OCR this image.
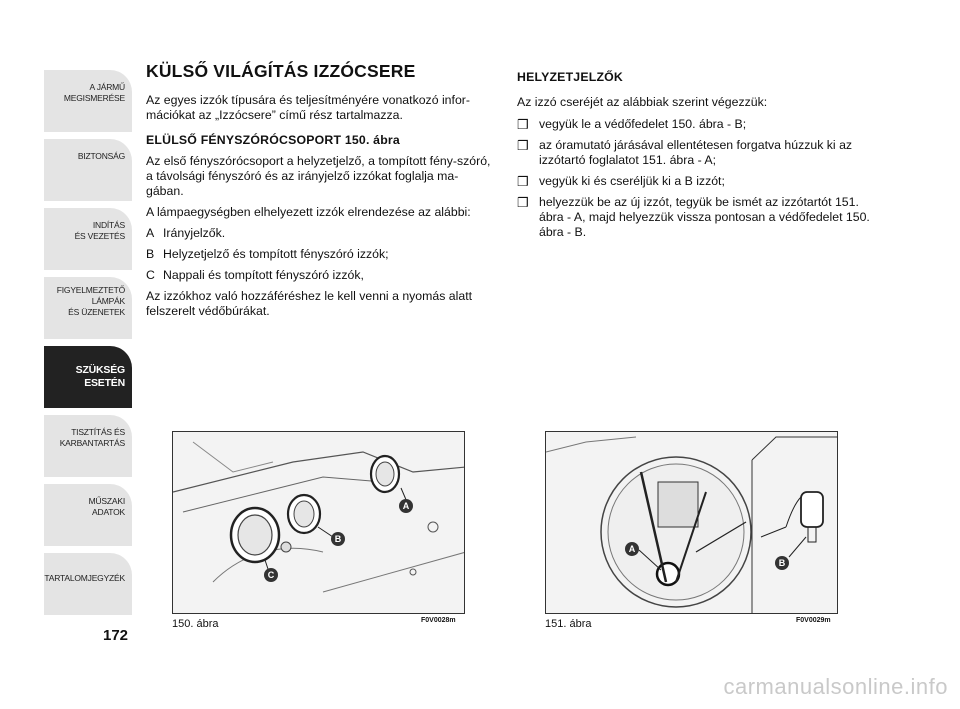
A JÁRMŰ
MEGISMERÉSE
BIZTONSÁG
INDÍTÁS
ÉS VEZETÉS
FIGYELMEZTETŐ
LÁMPÁK
ÉS ÜZENETEK
SZÜKSÉG
ESETÉN
TISZTÍTÁS ÉS
KARBANTARTÁS
MŰSZAKI
ADATOK
TARTALOMJEGYZÉK
172
KÜLSŐ VILÁGÍTÁS IZZÓCSERE

Az egyes izzók típusára és teljesítményére vonatkozó infor-mációkat az „Izzócsere” című rész tartalmazza.

ELÜLSŐ FÉNYSZÓRÓCSOPORT 150. ábra

Az első fényszórócsoport a helyzetjelző, a tompított fény-szóró, a távolsági fényszóró és az irányjelző izzókat foglalja ma-gában.

A lámpaegységben elhelyezett izzók elrendezése az alábbi:

A Irányjelzők.
B Helyzetjelző és tompított fényszóró izzók;
C Nappali és tompított fényszóró izzók,

Az izzókhoz való hozzáféréshez le kell venni a nyomás alatt felszerelt védőbúrákat.

HELYZETJELZŐK

Az izzó cseréjét az alábbiak szerint végezzük:

❒ vegyük le a védőfedelet 150. ábra - B;
❒ az óramutató járásával ellentétesen forgatva húzzuk ki az izzótartó foglalatot 151. ábra - A;
❒ vegyük ki és cseréljük ki a B izzót;
❒ helyezzük be az új izzót, tegyük be ismét az izzótartót 151. ábra - A, majd helyezzük vissza pontosan a védőfedelet 150. ábra - B.
A
B
C
150. ábra	F0V0028m
A
B
151. ábra	F0V0029m
carmanualsonline.info
